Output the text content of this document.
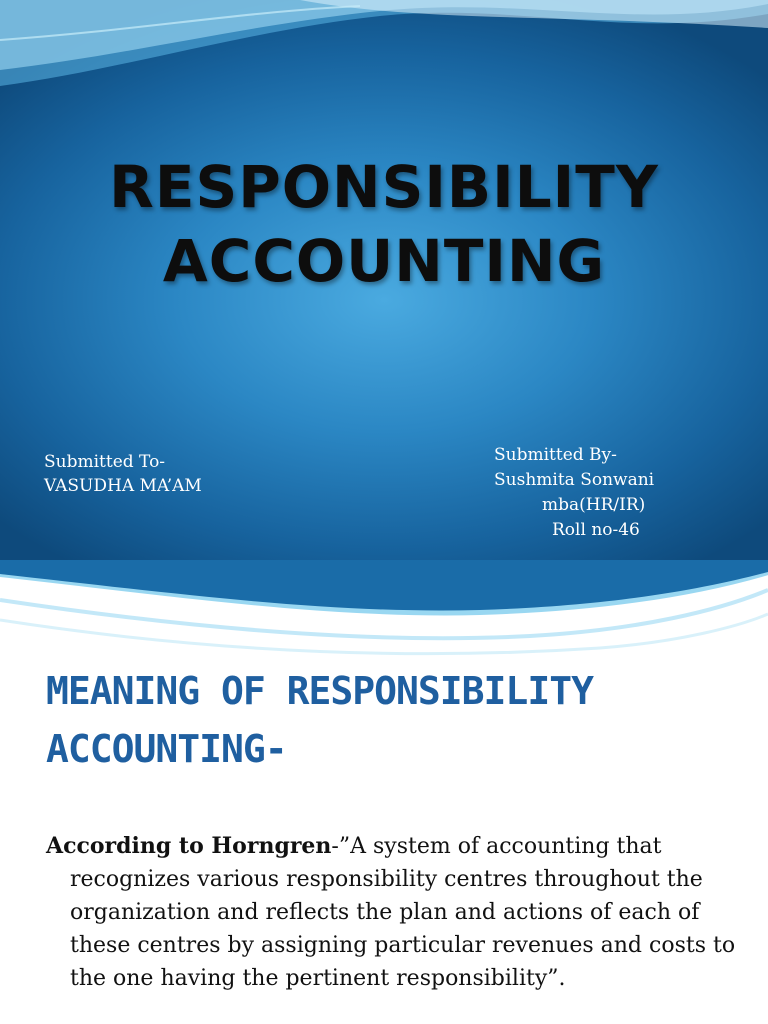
RESPONSIBILITY
ACCOUNTING
Submitted To-
VASUDHA MA’AM
Submitted By-
Sushmita Sonwani
mba(HR/IR)
Roll no-46
MEANING OF RESPONSIBILITY
ACCOUNTING-

According to Horngren-”A system of accounting that recognizes various responsibility centres throughout the organization and reflects the plan and actions of each of these centres by assigning particular revenues and costs to the one having the pertinent responsibility”.
